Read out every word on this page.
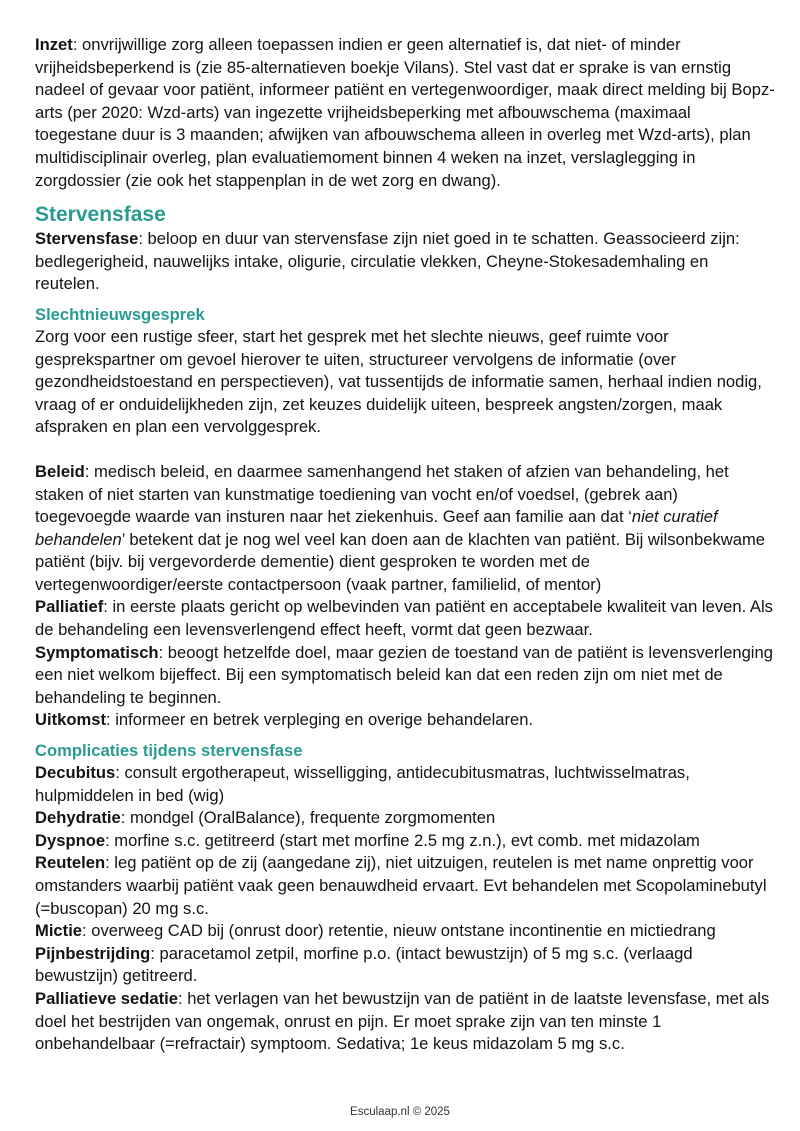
Inzet: onvrijwillige zorg alleen toepassen indien er geen alternatief is, dat niet- of minder vrijheidsbeperkend is (zie 85-alternatieven boekje Vilans). Stel vast dat er sprake is van ernstig nadeel of gevaar voor patiënt, informeer patiënt en vertegenwoordiger, maak direct melding bij Bopz-arts (per 2020: Wzd-arts) van ingezette vrijheidsbeperking met afbouwschema (maximaal toegestane duur is 3 maanden; afwijken van afbouwschema alleen in overleg met Wzd-arts), plan multidisciplinair overleg, plan evaluatiemoment binnen 4 weken na inzet, verslaglegging in zorgdossier (zie ook het stappenplan in de wet zorg en dwang).

Stervensfase

Stervensfase: beloop en duur van stervensfase zijn niet goed in te schatten. Geassocieerd zijn: bedlegerigheid, nauwelijks intake, oligurie, circulatie vlekken, Cheyne-Stokesademhaling en reutelen.

Slechtnieuwsgesprek

Zorg voor een rustige sfeer, start het gesprek met het slechte nieuws, geef ruimte voor gesprekspartner om gevoel hierover te uiten, structureer vervolgens de informatie (over gezondheidstoestand en perspectieven), vat tussentijds de informatie samen, herhaal indien nodig, vraag of er onduidelijkheden zijn, zet keuzes duidelijk uiteen, bespreek angsten/zorgen, maak afspraken en plan een vervolggesprek.

Beleid: medisch beleid, en daarmee samenhangend het staken of afzien van behandeling, het staken of niet starten van kunstmatige toediening van vocht en/of voedsel, (gebrek aan) toegevoegde waarde van insturen naar het ziekenhuis. Geef aan familie aan dat ‘niet curatief behandelen’ betekent dat je nog wel veel kan doen aan de klachten van patiënt. Bij wilsonbekwame patiënt (bijv. bij vergevorderde dementie) dient gesproken te worden met de vertegenwoordiger/eerste contactpersoon (vaak partner, familielid, of mentor)

Palliatief: in eerste plaats gericht op welbevinden van patiënt en acceptabele kwaliteit van leven. Als de behandeling een levensverlengend effect heeft, vormt dat geen bezwaar.

Symptomatisch: beoogt hetzelfde doel, maar gezien de toestand van de patiënt is levensverlenging een niet welkom bijeffect. Bij een symptomatisch beleid kan dat een reden zijn om niet met de behandeling te beginnen.

Uitkomst: informeer en betrek verpleging en overige behandelaren.

Complicaties tijdens stervensfase

Decubitus: consult ergotherapeut, wisselligging, antidecubitusmatras, luchtwisselmatras, hulpmiddelen in bed (wig)

Dehydratie: mondgel (OralBalance), frequente zorgmomenten

Dyspnoe: morfine s.c. getitreerd (start met morfine 2.5 mg z.n.), evt comb. met midazolam

Reutelen: leg patiënt op de zij (aangedane zij), niet uitzuigen, reutelen is met name onprettig voor omstanders waarbij patiënt vaak geen benauwdheid ervaart. Evt behandelen met Scopolaminebutyl (=buscopan) 20 mg s.c.

Mictie: overweeg CAD bij (onrust door) retentie, nieuw ontstane incontinentie en mictiedrang

Pijnbestrijding: paracetamol zetpil, morfine p.o. (intact bewustzijn) of 5 mg s.c. (verlaagd bewustzijn) getitreerd.

Palliatieve sedatie: het verlagen van het bewustzijn van de patiënt in de laatste levensfase, met als doel het bestrijden van ongemak, onrust en pijn. Er moet sprake zijn van ten minste 1 onbehandelbaar (=refractair) symptoom. Sedativa; 1e keus midazolam 5 mg s.c.

Esculaap.nl © 2025
